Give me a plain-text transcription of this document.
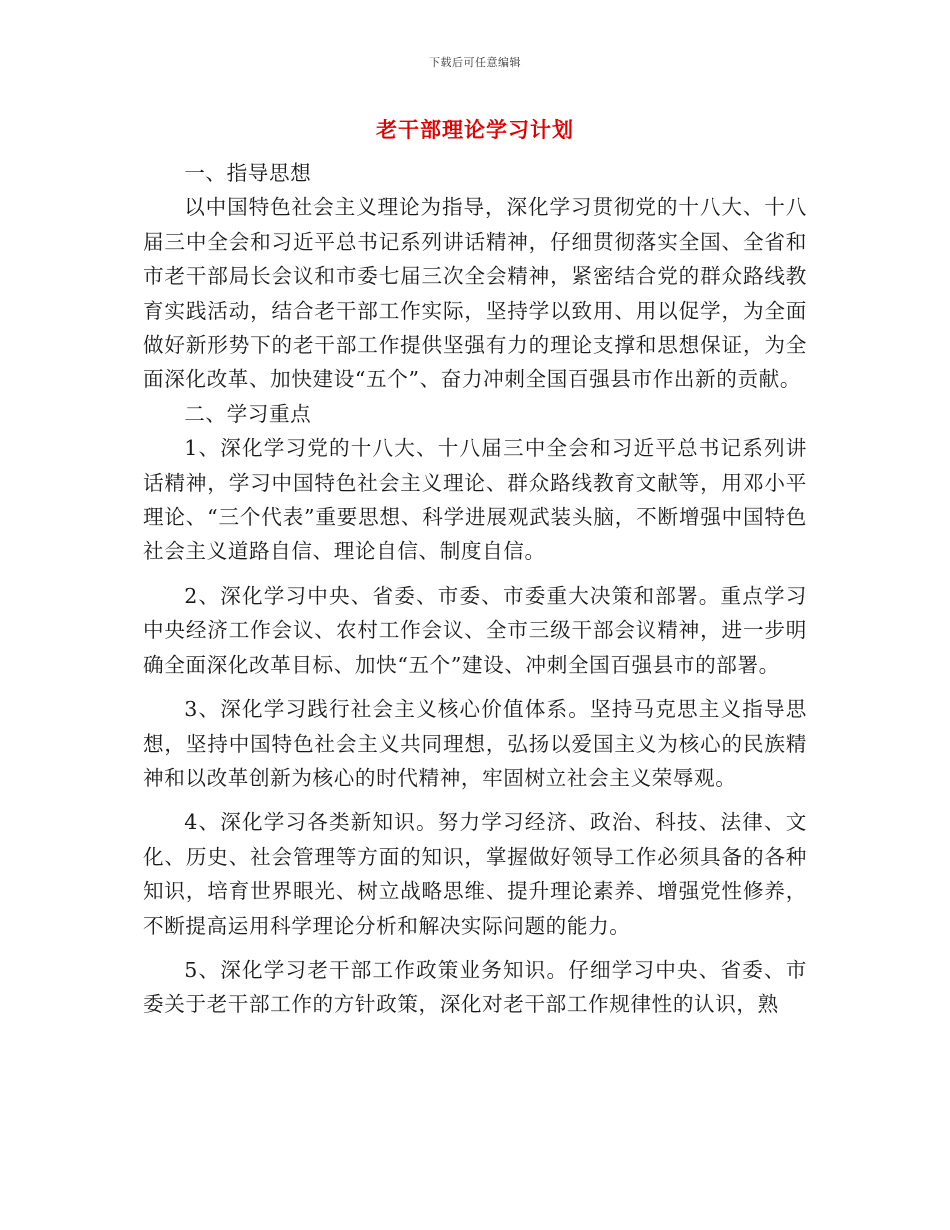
下载后可任意编辑
老干部理论学习计划

一、指导思想

以中国特色社会主义理论为指导，深化学习贯彻党的十八大、十八届三中全会和习近平总书记系列讲话精神，仔细贯彻落实全国、全省和市老干部局长会议和市委七届三次全会精神，紧密结合党的群众路线教育实践活动，结合老干部工作实际，坚持学以致用、用以促学，为全面做好新形势下的老干部工作提供坚强有力的理论支撑和思想保证，为全面深化改革、加快建设“五个”、奋力冲刺全国百强县市作出新的贡献。

二、学习重点

1、深化学习党的十八大、十八届三中全会和习近平总书记系列讲话精神，学习中国特色社会主义理论、群众路线教育文献等，用邓小平理论、“三个代表”重要思想、科学进展观武装头脑，不断增强中国特色社会主义道路自信、理论自信、制度自信。

2、深化学习中央、省委、市委、市委重大决策和部署。重点学习中央经济工作会议、农村工作会议、全市三级干部会议精神，进一步明确全面深化改革目标、加快“五个”建设、冲刺全国百强县市的部署。

3、深化学习践行社会主义核心价值体系。坚持马克思主义指导思想，坚持中国特色社会主义共同理想，弘扬以爱国主义为核心的民族精神和以改革创新为核心的时代精神，牢固树立社会主义荣辱观。

4、深化学习各类新知识。努力学习经济、政治、科技、法律、文化、历史、社会管理等方面的知识，掌握做好领导工作必须具备的各种知识，培育世界眼光、树立战略思维、提升理论素养、增强党性修养，不断提高运用科学理论分析和解决实际问题的能力。

5、深化学习老干部工作政策业务知识。仔细学习中央、省委、市委关于老干部工作的方针政策，深化对老干部工作规律性的认识，熟
